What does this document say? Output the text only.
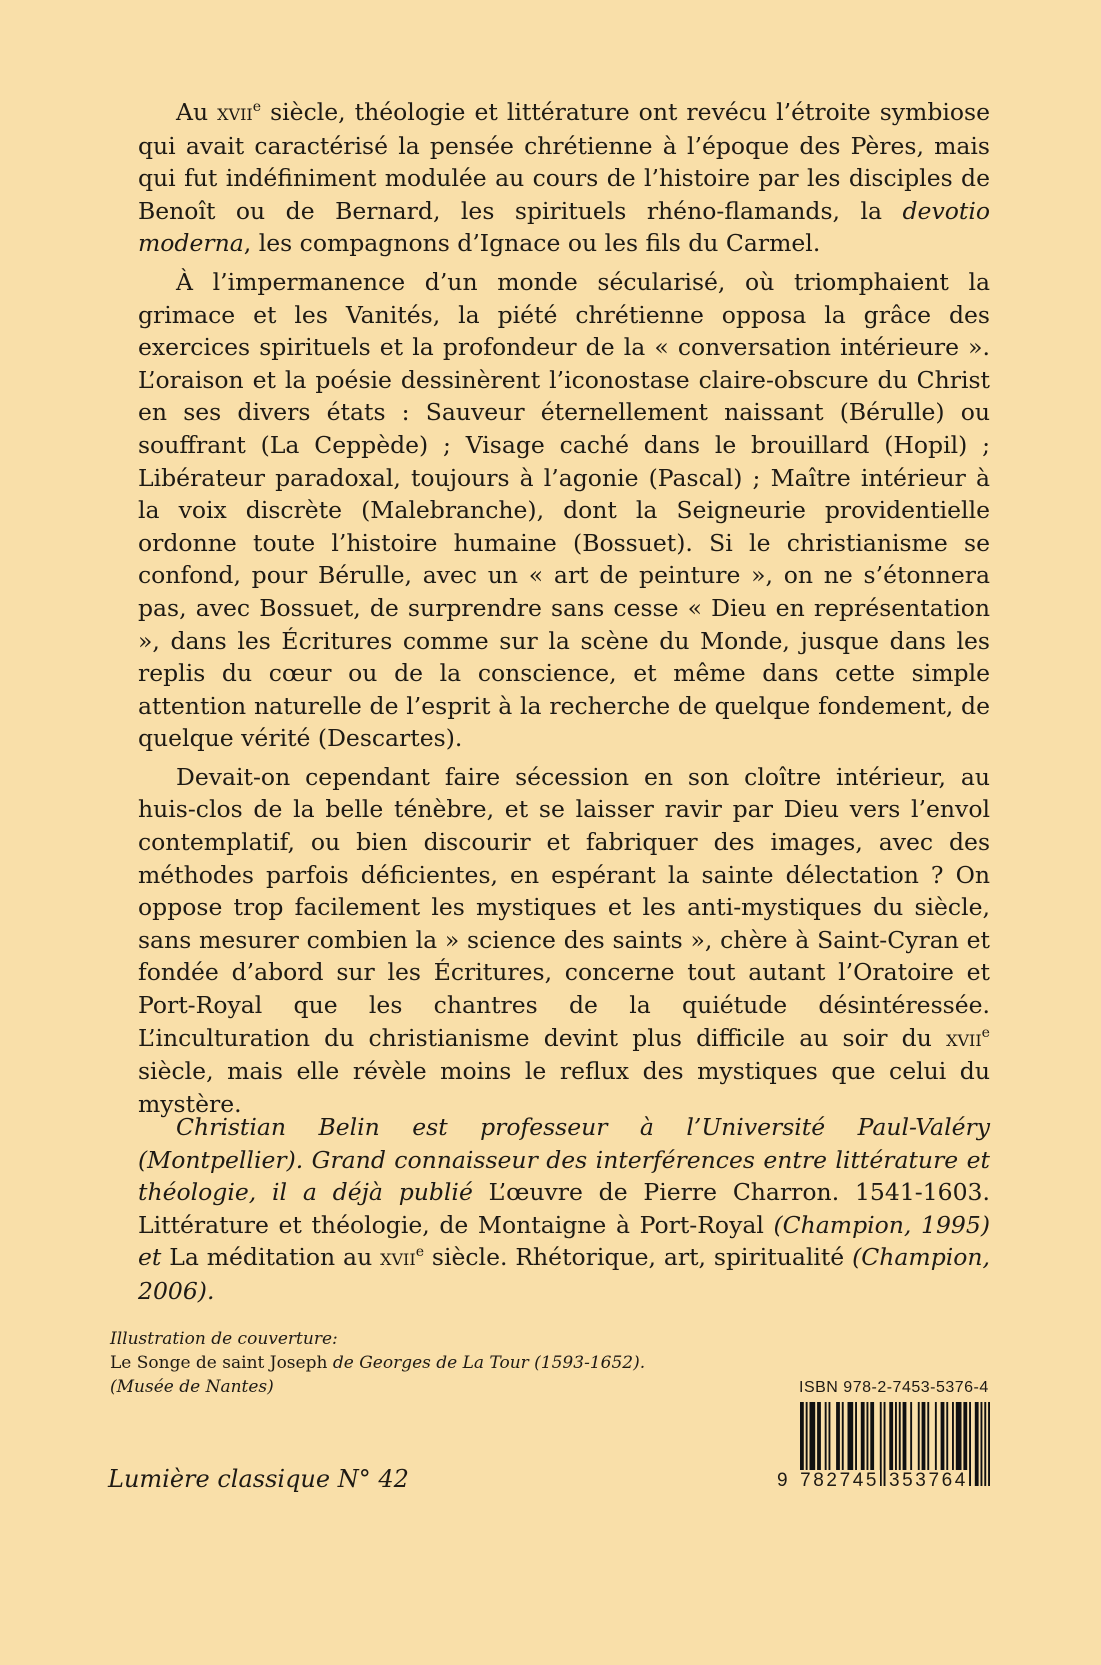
Au xvii$^e$ siècle, théologie et littérature ont revécu l’étroite symbiose qui avait caractérisé la pensée chrétienne à l’époque des Pères, mais qui fut indéfiniment modulée au cours de l’histoire par les disciples de Benoît ou de Bernard, les spirituels rhéno-flamands, la devotio moderna, les compagnons d’Ignace ou les fils du Carmel.

À l’impermanence d’un monde sécularisé, où triomphaient la grimace et les Vanités, la piété chrétienne opposa la grâce des exercices spirituels et la profondeur de la « conversation intérieure ». L’oraison et la poésie dessinèrent l’iconostase claire-obscure du Christ en ses divers états : Sauveur éternellement naissant (Bérulle) ou souffrant (La Ceppède) ; Visage caché dans le brouillard (Hopil) ; Libérateur paradoxal, toujours à l’agonie (Pascal) ; Maître intérieur à la voix discrète (Malebranche), dont la Seigneurie providentielle ordonne toute l’histoire humaine (Bossuet). Si le christianisme se confond, pour Bérulle, avec un « art de peinture », on ne s’étonnera pas, avec Bossuet, de surprendre sans cesse « Dieu en représentation », dans les Écritures comme sur la scène du Monde, jusque dans les replis du cœur ou de la conscience, et même dans cette simple attention naturelle de l’esprit à la recherche de quelque fondement, de quelque vérité (Descartes).

Devait-on cependant faire sécession en son cloître intérieur, au huis-clos de la belle ténèbre, et se laisser ravir par Dieu vers l’envol contemplatif, ou bien discourir et fabriquer des images, avec des méthodes parfois déficientes, en espérant la sainte délectation ? On oppose trop facilement les mystiques et les anti-mystiques du siècle, sans mesurer combien la » science des saints », chère à Saint-Cyran et fondée d’abord sur les Écritures, concerne tout autant l’Oratoire et Port-Royal que les chantres de la quiétude désintéressée. L’inculturation du christianisme devint plus difficile au soir du xvii$^e$ siècle, mais elle révèle moins le reflux des mystiques que celui du mystère.

Christian Belin est professeur à l’Université Paul-Valéry (Montpellier). Grand connaisseur des interférences entre littérature et théologie, il a déjà publié L’œuvre de Pierre Charron. 1541-1603. Littérature et théologie, de Montaigne à Port-Royal (Champion, 1995) et La méditation au xvii$^e$ siècle. Rhétorique, art, spiritualité (Champion, 2006).

Illustration de couverture:
Le Songe de saint Joseph de Georges de La Tour (1593-1652).
(Musée de Nantes)
Lumière classique N° 42
ISBN 978-2-7453-5376-4
9 782745 353764
